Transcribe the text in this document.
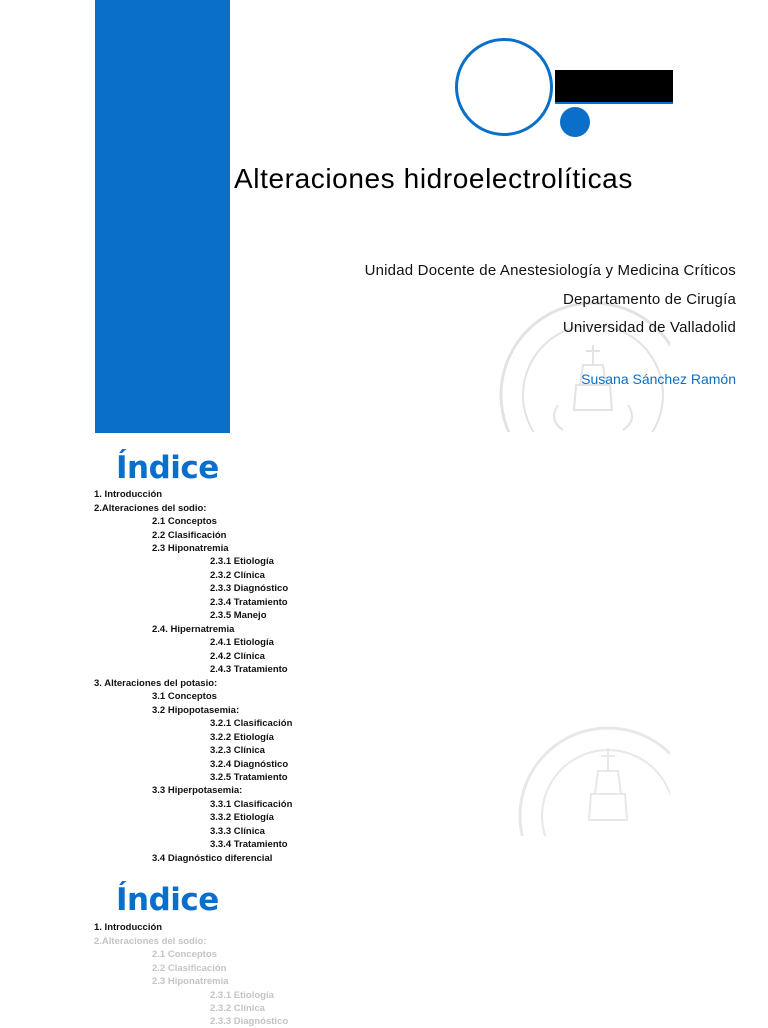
Alteraciones hidroelectrolíticas
Unidad Docente de Anestesiología y Medicina Críticos
Departamento de Cirugía
Universidad de Valladolid
Susana Sánchez Ramón
Índice
1. Introducción
2.Alteraciones del sodio:
2.1 Conceptos
2.2 Clasificación
2.3 Hiponatremia
2.3.1 Etiología
2.3.2 Clínica
2.3.3 Diagnóstico
2.3.4 Tratamiento
2.3.5 Manejo
2.4. Hipernatremia
2.4.1 Etiología
2.4.2 Clínica
2.4.3 Tratamiento
3. Alteraciones del potasio:
3.1 Conceptos
3.2 Hipopotasemia:
3.2.1 Clasificación
3.2.2 Etiología
3.2.3 Clínica
3.2.4 Diagnóstico
3.2.5 Tratamiento
3.3 Hiperpotasemia:
3.3.1 Clasificación
3.3.2 Etiología
3.3.3 Clínica
3.3.4 Tratamiento
3.4 Diagnóstico diferencial
Índice
1. Introducción
2.Alteraciones del sodio:
2.1 Conceptos
2.2 Clasificación
2.3 Hiponatremia
2.3.1 Etiología
2.3.2 Clínica
2.3.3 Diagnóstico
